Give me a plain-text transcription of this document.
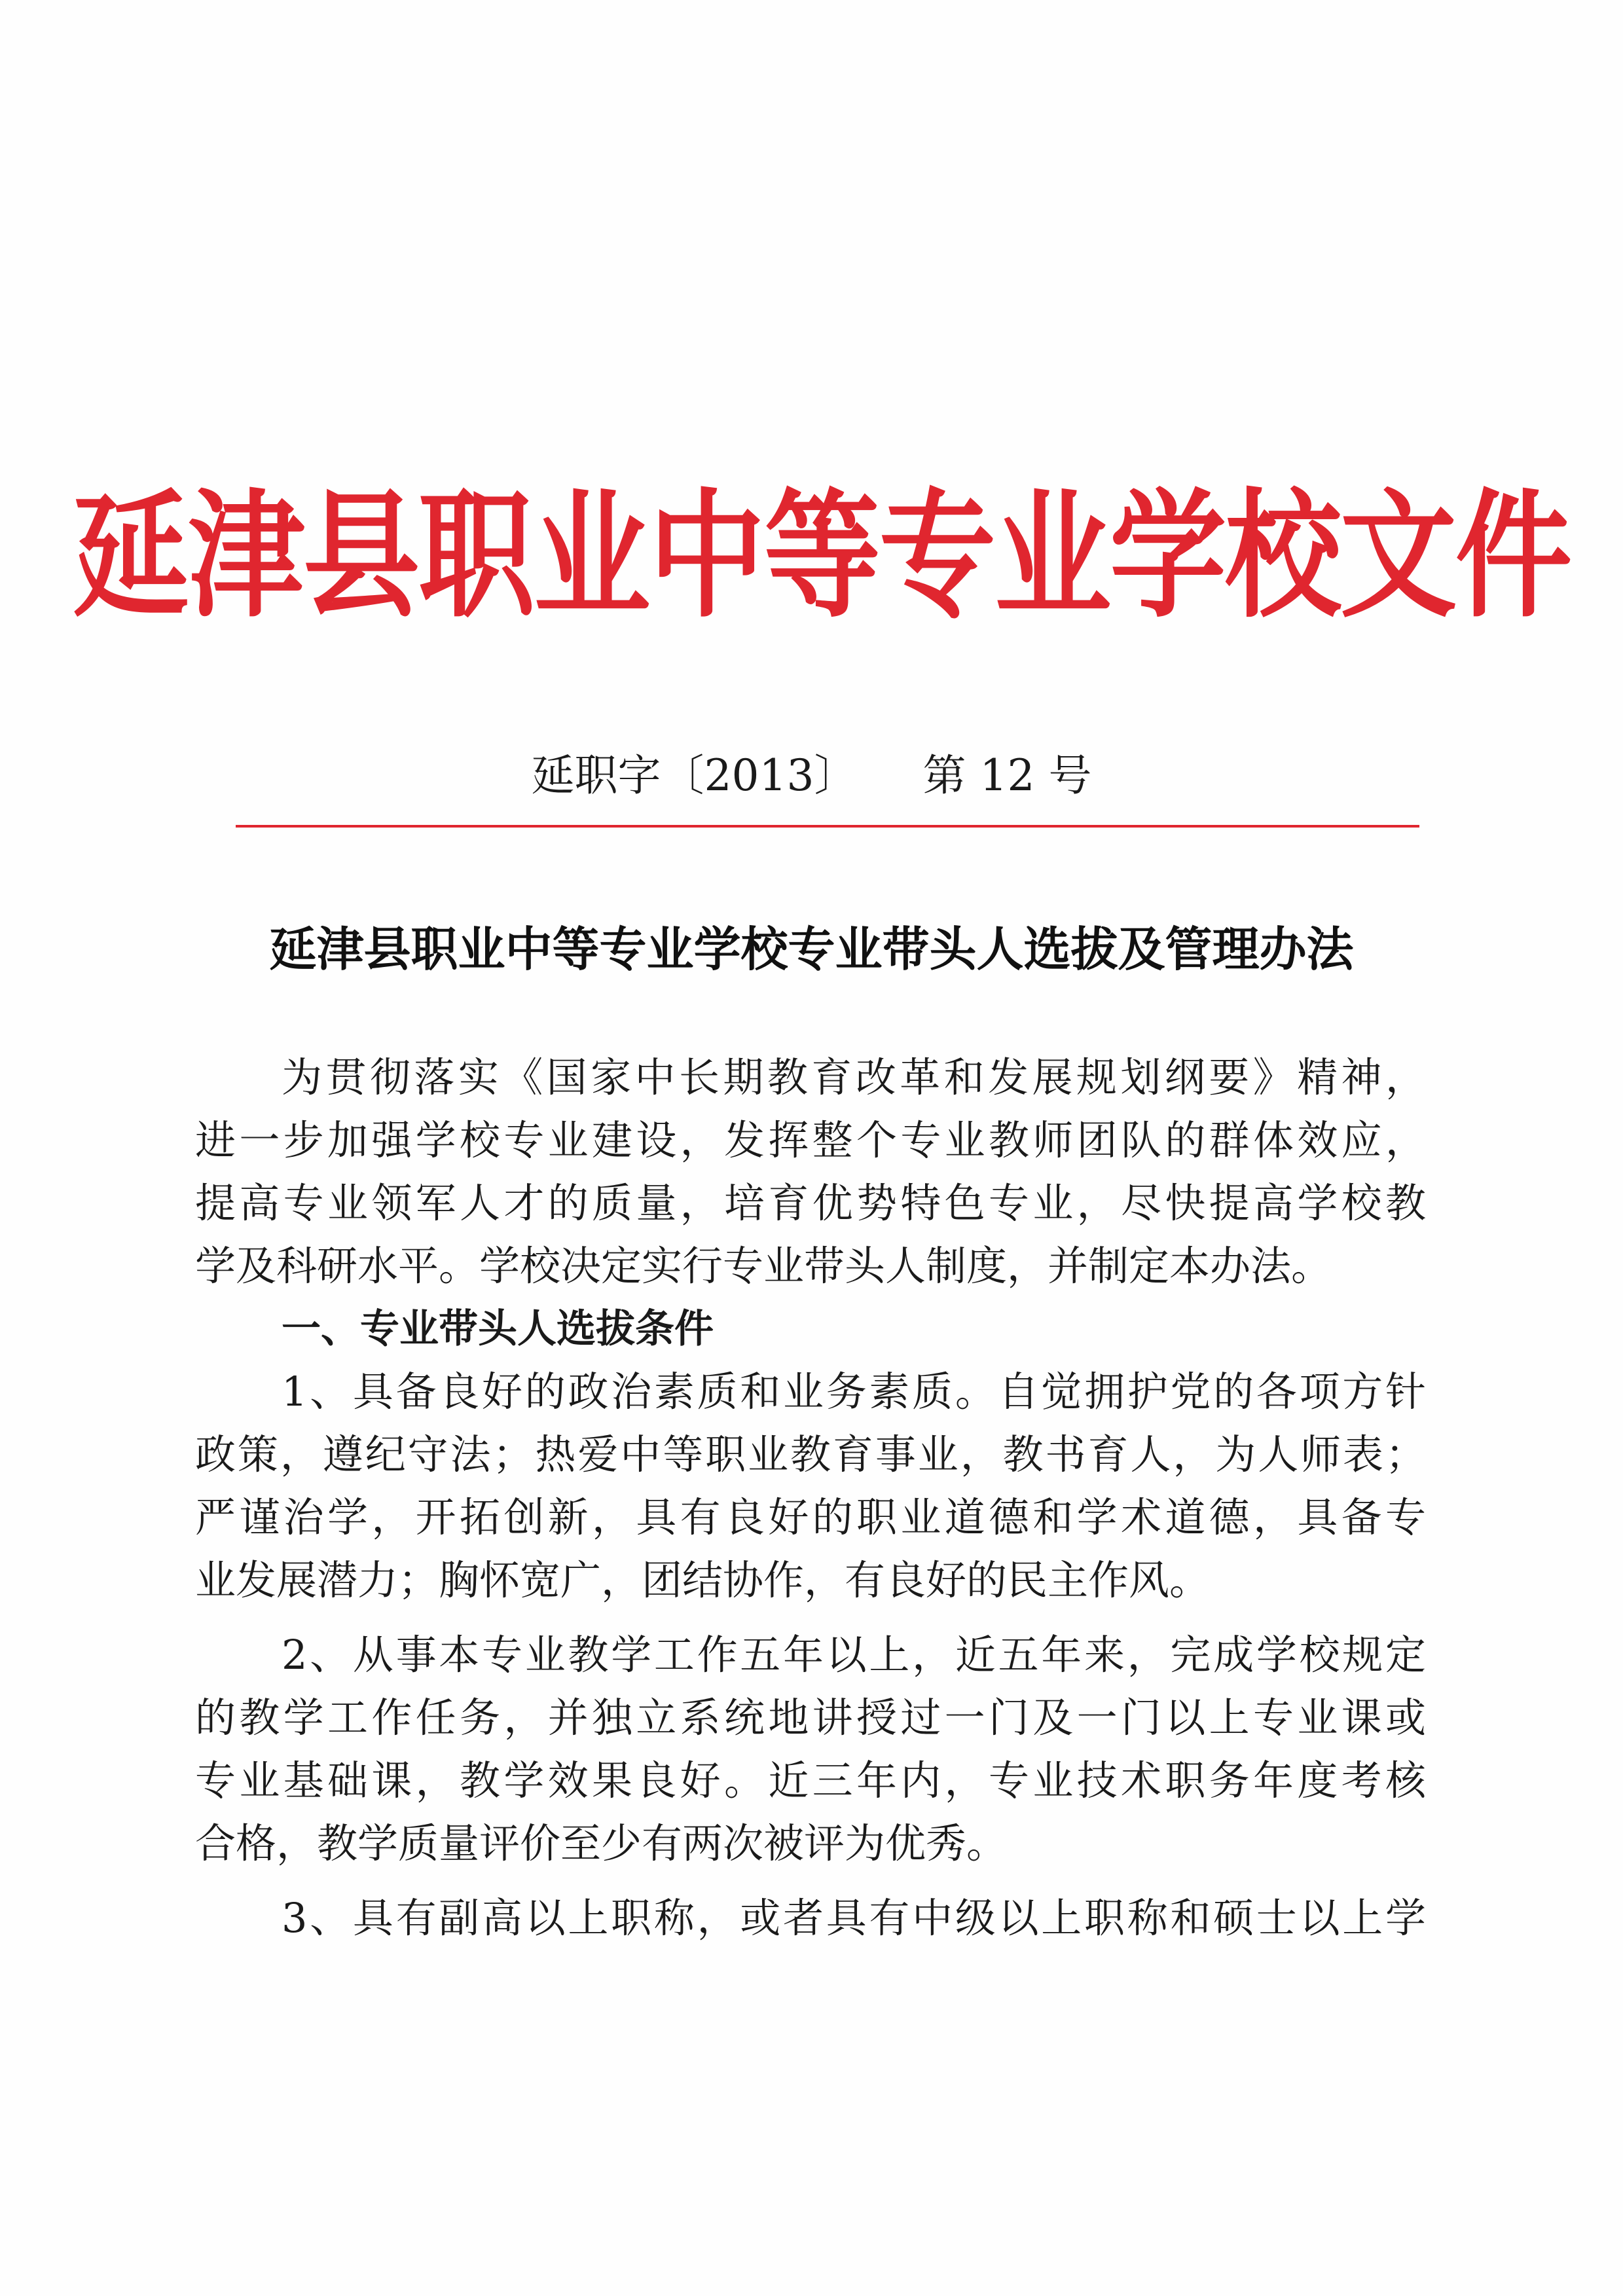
延津县职业中等专业学校文件
延职字〔2013〕 第 12 号
延津县职业中等专业学校专业带头人选拔及管理办法
为贯彻落实《国家中长期教育改革和发展规划纲要》精神，
进一步加强学校专业建设，发挥整个专业教师团队的群体效应，
提高专业领军人才的质量，培育优势特色专业，尽快提高学校教
学及科研水平。学校决定实行专业带头人制度，并制定本办法。
一、专业带头人选拔条件
1、具备良好的政治素质和业务素质。自觉拥护党的各项方针
政策，遵纪守法；热爱中等职业教育事业，教书育人，为人师表；
严谨治学，开拓创新，具有良好的职业道德和学术道德，具备专
业发展潜力；胸怀宽广，团结协作，有良好的民主作风。
2、从事本专业教学工作五年以上，近五年来，完成学校规定
的教学工作任务，并独立系统地讲授过一门及一门以上专业课或
专业基础课，教学效果良好。近三年内，专业技术职务年度考核
合格，教学质量评价至少有两次被评为优秀。
3、具有副高以上职称，或者具有中级以上职称和硕士以上学
